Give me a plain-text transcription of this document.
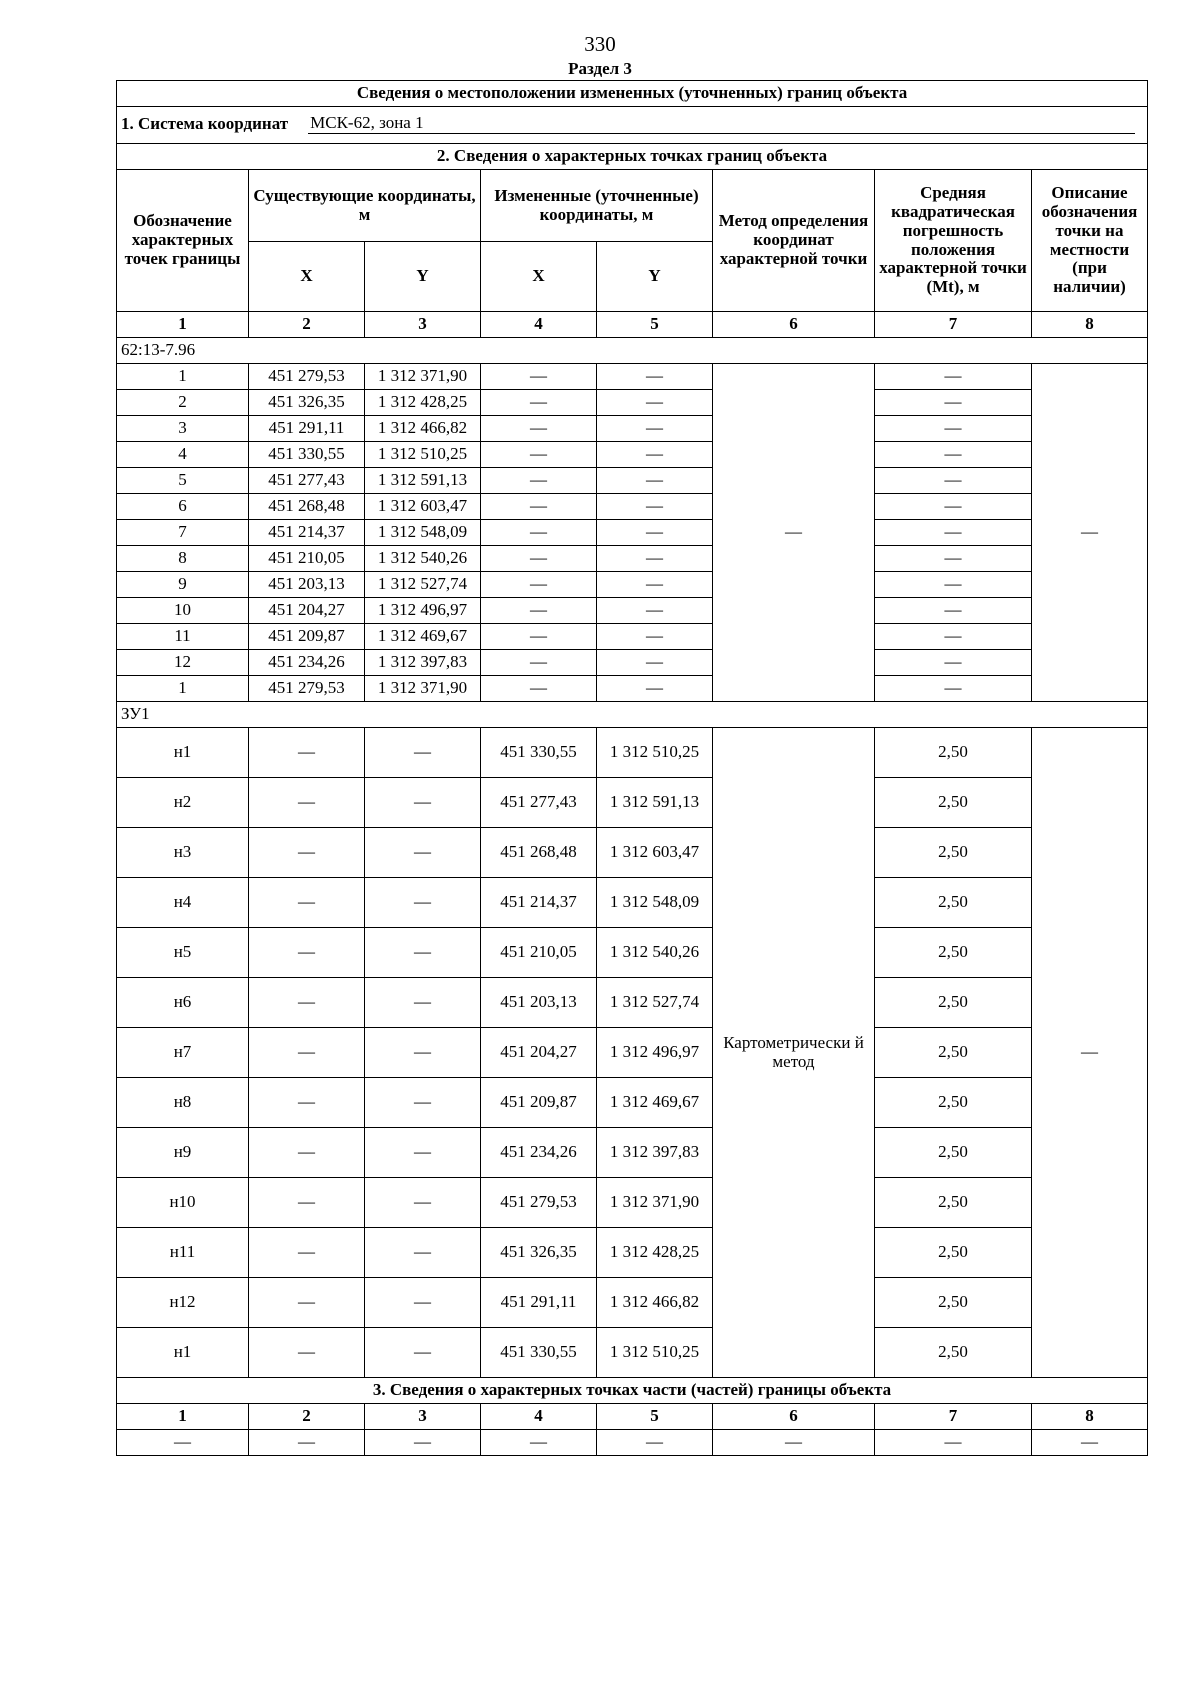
330
Раздел 3
Сведения о местоположении измененных (уточненных) границ объекта							

1. Система координат МСК-62, зона 1							

2. Сведения о характерных точках границ объекта							
Обозначение характерных точек границы	Существующие координаты, м		Измененные (уточненные) координаты, м		Метод определения координат характерной точки	Средняя квадратическая погрешность положения характерной точки (Mt), м	Описание обозначения точки на местности (при наличии)
	X	Y	X	Y			
1	2	3	4	5	6	7	8
62:13-7.96							
1	451 279,53	1 312 371,90	—	—	—	—	—
2	451 326,35	1 312 428,25	—	—		—	
3	451 291,11	1 312 466,82	—	—		—	
4	451 330,55	1 312 510,25	—	—		—	
5	451 277,43	1 312 591,13	—	—		—	
6	451 268,48	1 312 603,47	—	—		—	
7	451 214,37	1 312 548,09	—	—		—	
8	451 210,05	1 312 540,26	—	—		—	
9	451 203,13	1 312 527,74	—	—		—	
10	451 204,27	1 312 496,97	—	—		—	
11	451 209,87	1 312 469,67	—	—		—	
12	451 234,26	1 312 397,83	—	—		—	
1	451 279,53	1 312 371,90	—	—		—	
ЗУ1							
н1	—	—	451 330,55	1 312 510,25	Картометрически й метод	2,50	—
н2	—	—	451 277,43	1 312 591,13		2,50	
н3	—	—	451 268,48	1 312 603,47		2,50	
н4	—	—	451 214,37	1 312 548,09		2,50	
н5	—	—	451 210,05	1 312 540,26		2,50	
н6	—	—	451 203,13	1 312 527,74		2,50	
н7	—	—	451 204,27	1 312 496,97		2,50	
н8	—	—	451 209,87	1 312 469,67		2,50	
н9	—	—	451 234,26	1 312 397,83		2,50	
н10	—	—	451 279,53	1 312 371,90		2,50	
н11	—	—	451 326,35	1 312 428,25		2,50	
н12	—	—	451 291,11	1 312 466,82		2,50	
н1	—	—	451 330,55	1 312 510,25		2,50	
3. Сведения о характерных точках части (частей) границы объекта							
1	2	3	4	5	6	7	8
—	—	—	—	—	—	—	—
